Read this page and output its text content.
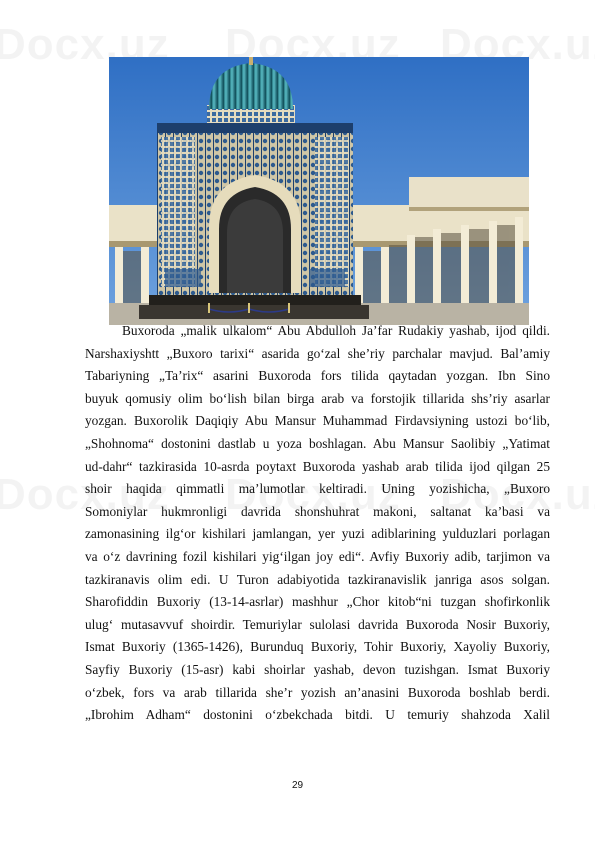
Buxoroda „malik ulkalom“ Abu Abdulloh Ja’far Rudakiy yashab, ijod qildi.
Narshaxiyshtt „Buxoro tarixi“ asarida go‘zal she’riy parchalar mavjud. Bal’amiy
Tabariyning „Ta’rix“ asarini Buxoroda fors tilida qaytadan yozgan. Ibn Sino
buyuk qomusiy olim bo‘lish bilan birga arab va forstojik tillarida shs’riy asarlar
yozgan. Buxorolik Daqiqiy Abu Mansur Muhammad Firdavsiyning ustozi bo‘lib,
„Shohnoma“ dostonini dastlab u yoza boshlagan. Abu Mansur Saolibiy „Yatimat
ud-dahr“ tazkirasida 10-asrda poytaxt Buxoroda yashab arab tilida ijod qilgan 25
shoir haqida qimmatli ma’lumotlar keltiradi. Uning yozishicha, „Buxoro
Somoniylar hukmronligi davrida shonshuhrat makoni, saltanat ka’basi va
zamonasining ilg‘or kishilari jamlangan, yer yuzi adiblarining yulduzlari porlagan
va o‘z davrining fozil kishilari yig‘ilgan joy edi“. Avfiy Buxoriy adib, tarjimon va
tazkiranavis olim edi. U Turon adabiyotida tazkiranavislik janriga asos solgan.
Sharofiddin Buxoriy (13-14-asrlar) mashhur „Chor kitob“ni tuzgan shofirkonlik
ulug‘ mutasavvuf shoirdir. Temuriylar sulolasi davrida Buxoroda Nosir Buxoriy,
Ismat Buxoriy (1365-1426), Burunduq Buxoriy, Tohir Buxoriy, Xayoliy Buxoriy,
Sayfiy Buxoriy (15-asr) kabi shoirlar yashab, devon tuzishgan. Ismat Buxoriy
o‘zbek, fors va arab tillarida she’r yozish an’anasini Buxoroda boshlab berdi.
„Ibrohim Adham“ dostonini o‘zbekchada bitdi. U temuriy shahzoda Xalil
29
